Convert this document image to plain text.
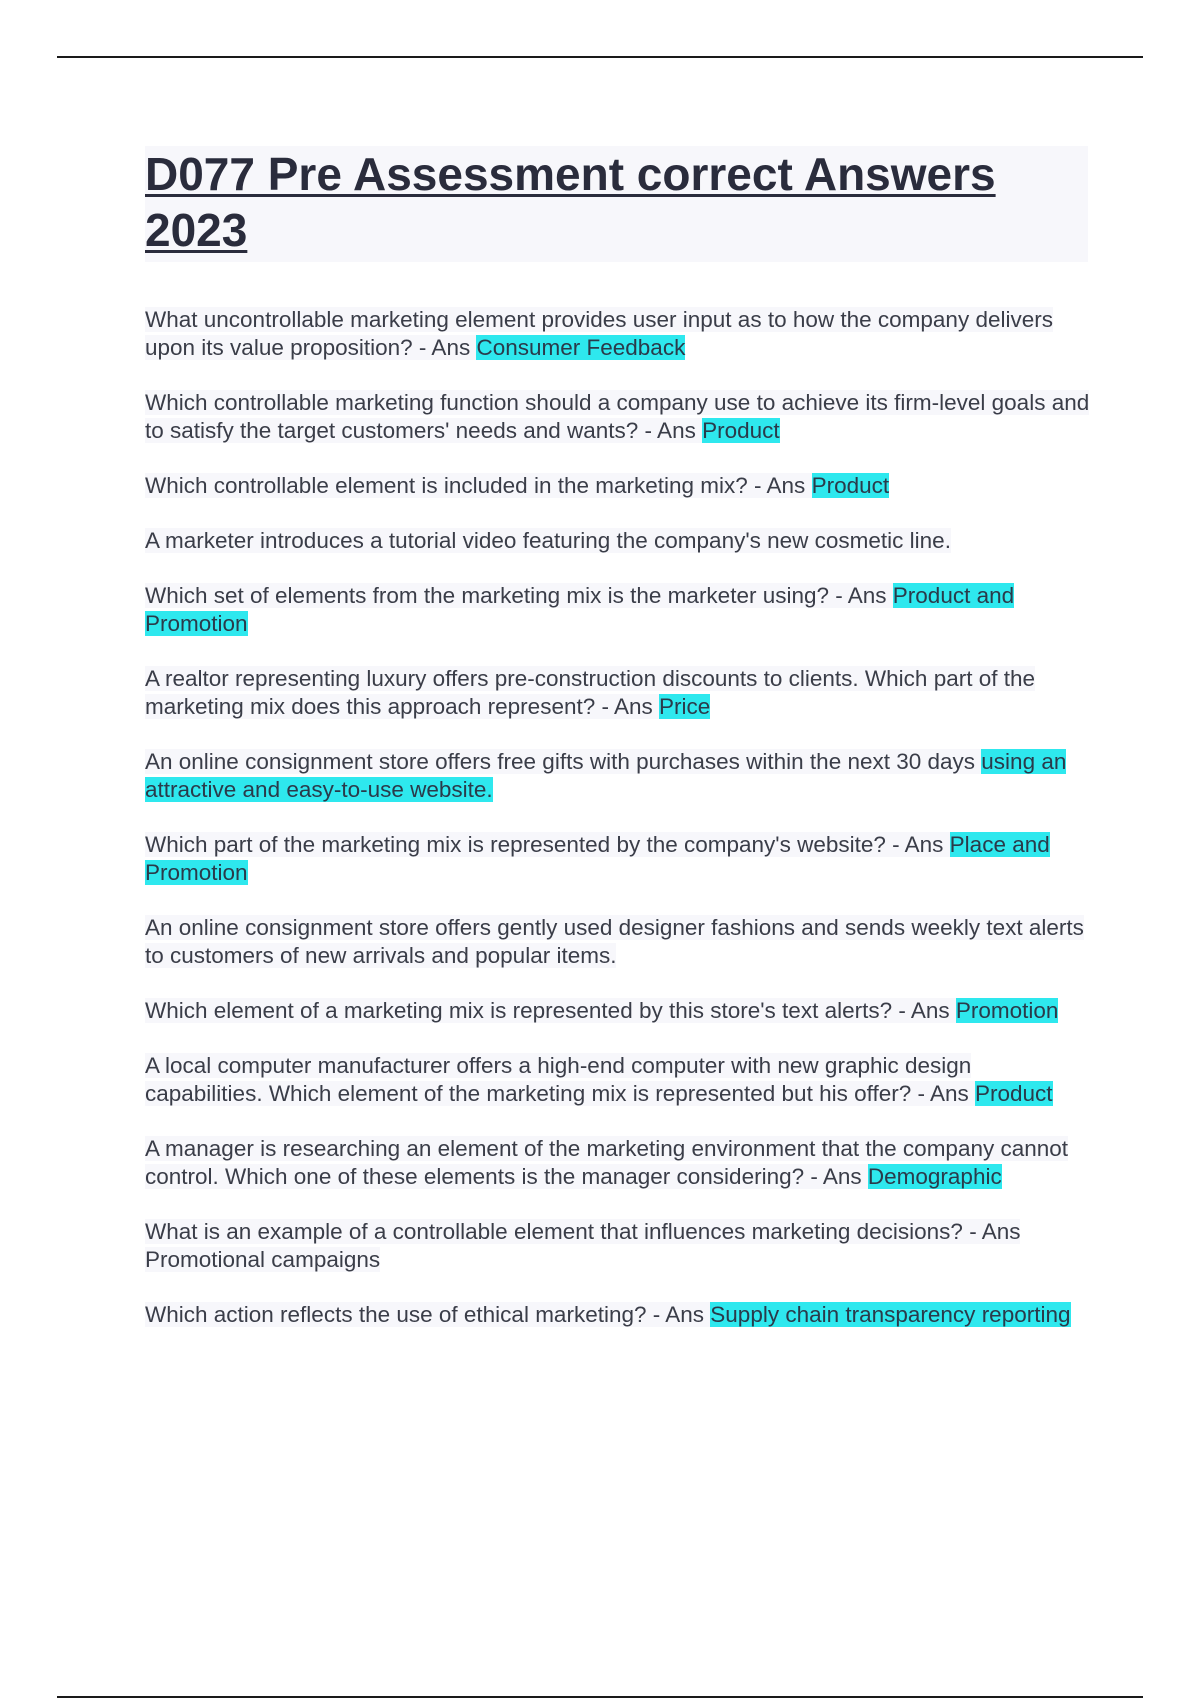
D077 Pre Assessment correct Answers 2023

What uncontrollable marketing element provides user input as to how the company delivers upon its value proposition? - Ans Consumer Feedback

Which controllable marketing function should a company use to achieve its firm-level goals and to satisfy the target customers' needs and wants? - Ans Product

Which controllable element is included in the marketing mix? - Ans Product

A marketer introduces a tutorial video featuring the company's new cosmetic line.

Which set of elements from the marketing mix is the marketer using? - Ans Product and Promotion

A realtor representing luxury offers pre-construction discounts to clients. Which part of the marketing mix does this approach represent? - Ans Price

An online consignment store offers free gifts with purchases within the next 30 days using an attractive and easy-to-use website.

Which part of the marketing mix is represented by the company's website? - Ans Place and Promotion

An online consignment store offers gently used designer fashions and sends weekly text alerts to customers of new arrivals and popular items.

Which element of a marketing mix is represented by this store's text alerts? - Ans Promotion

A local computer manufacturer offers a high-end computer with new graphic design capabilities. Which element of the marketing mix is represented but his offer? - Ans Product

A manager is researching an element of the marketing environment that the company cannot control. Which one of these elements is the manager considering? - Ans Demographic

What is an example of a controllable element that influences marketing decisions? - Ans Promotional campaigns

Which action reflects the use of ethical marketing? - Ans Supply chain transparency reporting
